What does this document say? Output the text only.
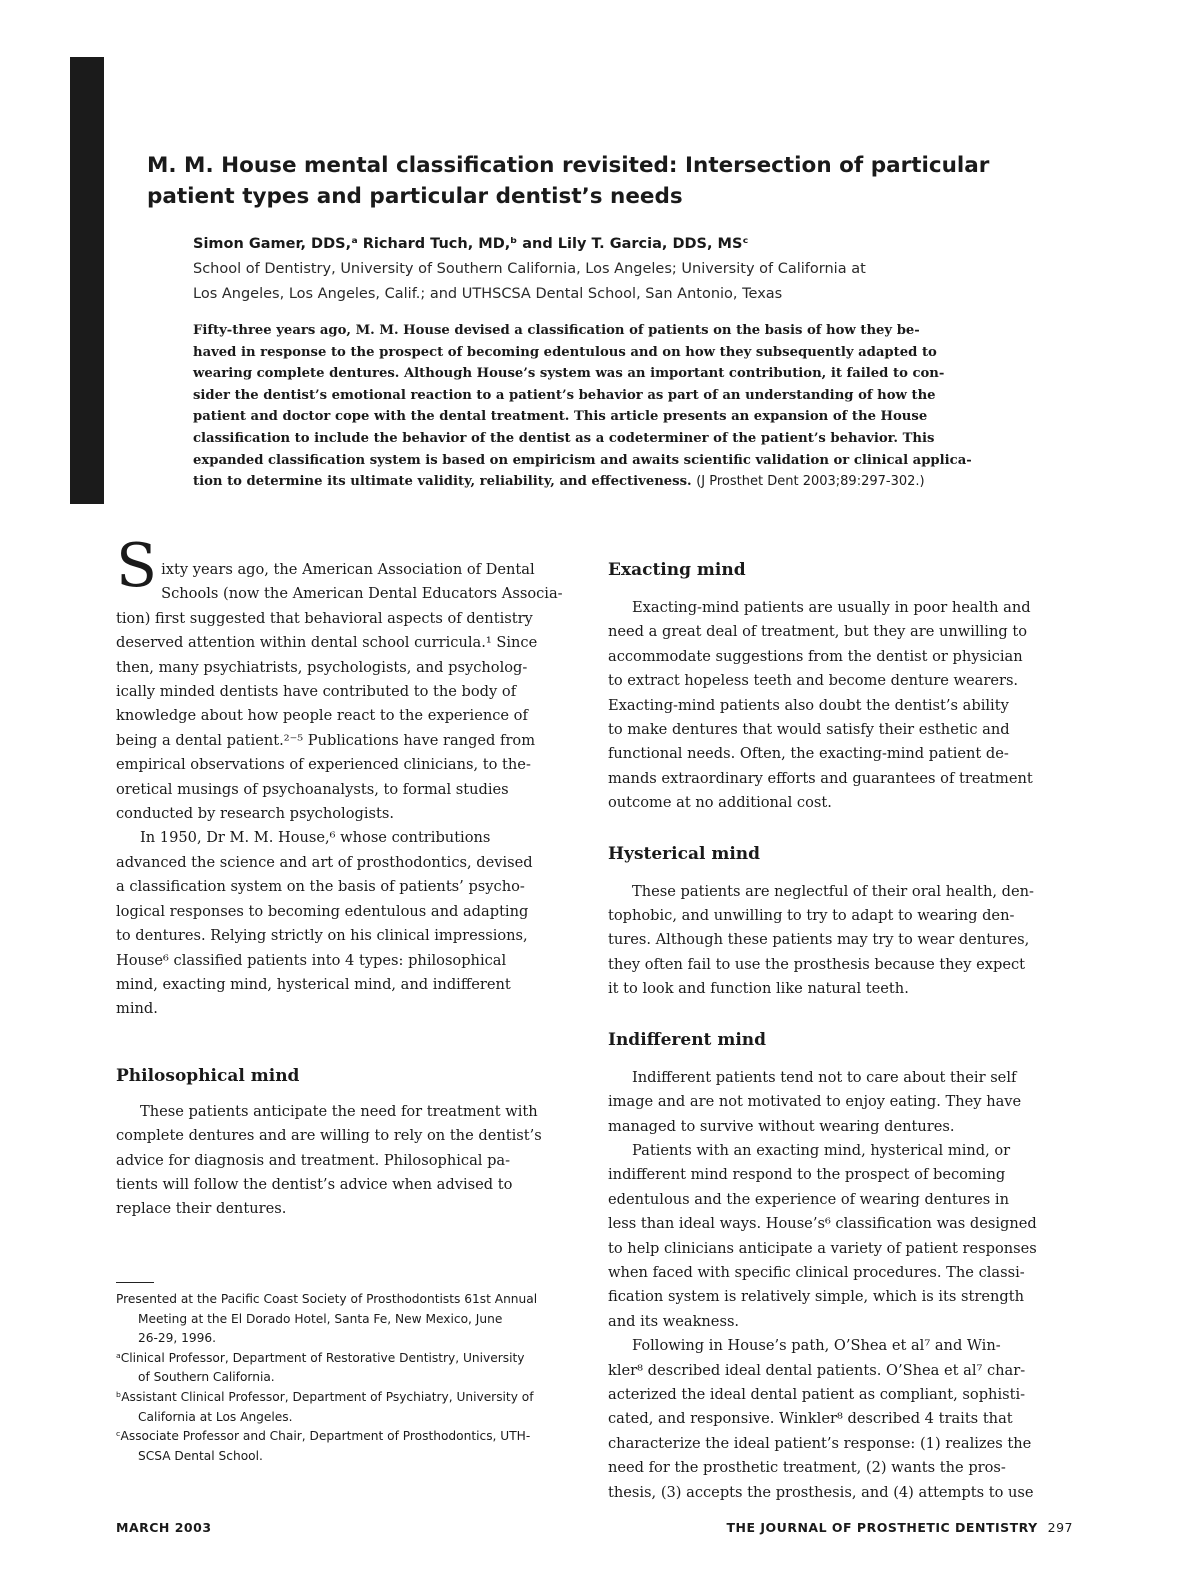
M. M. House mental classification revisited: Intersection of particular
patient types and particular dentist’s needs
Simon Gamer, DDS,ᵃ Richard Tuch, MD,ᵇ and Lily T. Garcia, DDS, MSᶜ
School of Dentistry, University of Southern California, Los Angeles; University of California at
Los Angeles, Los Angeles, Calif.; and UTHSCSA Dental School, San Antonio, Texas
Fifty-three years ago, M. M. House devised a classification of patients on the basis of how they be-
haved in response to the prospect of becoming edentulous and on how they subsequently adapted to
wearing complete dentures. Although House’s system was an important contribution, it failed to con-
sider the dentist’s emotional reaction to a patient’s behavior as part of an understanding of how the
patient and doctor cope with the dental treatment. This article presents an expansion of the House
classification to include the behavior of the dentist as a codeterminer of the patient’s behavior. This
expanded classification system is based on empiricism and awaits scientific validation or clinical applica-
tion to determine its ultimate validity, reliability, and effectiveness. (J Prosthet Dent 2003;89:297-302.)
S ixty years ago, the American Association of Dental
Schools (now the American Dental Educators Associa-
tion) first suggested that behavioral aspects of dentistry
deserved attention within dental school curricula.¹ Since
then, many psychiatrists, psychologists, and psycholog-
ically minded dentists have contributed to the body of
knowledge about how people react to the experience of
being a dental patient.²⁻⁵ Publications have ranged from
empirical observations of experienced clinicians, to the-
oretical musings of psychoanalysts, to formal studies
conducted by research psychologists.
In 1950, Dr M. M. House,⁶ whose contributions
advanced the science and art of prosthodontics, devised
a classification system on the basis of patients’ psycho-
logical responses to becoming edentulous and adapting
to dentures. Relying strictly on his clinical impressions,
House⁶ classified patients into 4 types: philosophical
mind, exacting mind, hysterical mind, and indifferent
mind.
Philosophical mind
These patients anticipate the need for treatment with
complete dentures and are willing to rely on the dentist’s
advice for diagnosis and treatment. Philosophical pa-
tients will follow the dentist’s advice when advised to
replace their dentures.
Presented at the Pacific Coast Society of Prosthodontists 61st Annual
Meeting at the El Dorado Hotel, Santa Fe, New Mexico, June
26-29, 1996.
ᵃClinical Professor, Department of Restorative Dentistry, University
of Southern California.
ᵇAssistant Clinical Professor, Department of Psychiatry, University of
California at Los Angeles.
ᶜAssociate Professor and Chair, Department of Prosthodontics, UTH-
SCSA Dental School.
Exacting mind
Exacting-mind patients are usually in poor health and
need a great deal of treatment, but they are unwilling to
accommodate suggestions from the dentist or physician
to extract hopeless teeth and become denture wearers.
Exacting-mind patients also doubt the dentist’s ability
to make dentures that would satisfy their esthetic and
functional needs. Often, the exacting-mind patient de-
mands extraordinary efforts and guarantees of treatment
outcome at no additional cost.
Hysterical mind
These patients are neglectful of their oral health, den-
tophobic, and unwilling to try to adapt to wearing den-
tures. Although these patients may try to wear dentures,
they often fail to use the prosthesis because they expect
it to look and function like natural teeth.
Indifferent mind
Indifferent patients tend not to care about their self
image and are not motivated to enjoy eating. They have
managed to survive without wearing dentures.
Patients with an exacting mind, hysterical mind, or
indifferent mind respond to the prospect of becoming
edentulous and the experience of wearing dentures in
less than ideal ways. House’s⁶ classification was designed
to help clinicians anticipate a variety of patient responses
when faced with specific clinical procedures. The classi-
fication system is relatively simple, which is its strength
and its weakness.
Following in House’s path, O’Shea et al⁷ and Win-
kler⁸ described ideal dental patients. O’Shea et al⁷ char-
acterized the ideal dental patient as compliant, sophisti-
cated, and responsive. Winkler⁸ described 4 traits that
characterize the ideal patient’s response: (1) realizes the
need for the prosthetic treatment, (2) wants the pros-
thesis, (3) accepts the prosthesis, and (4) attempts to use
MARCH 2003	THE JOURNAL OF PROSTHETIC DENTISTRY 297
